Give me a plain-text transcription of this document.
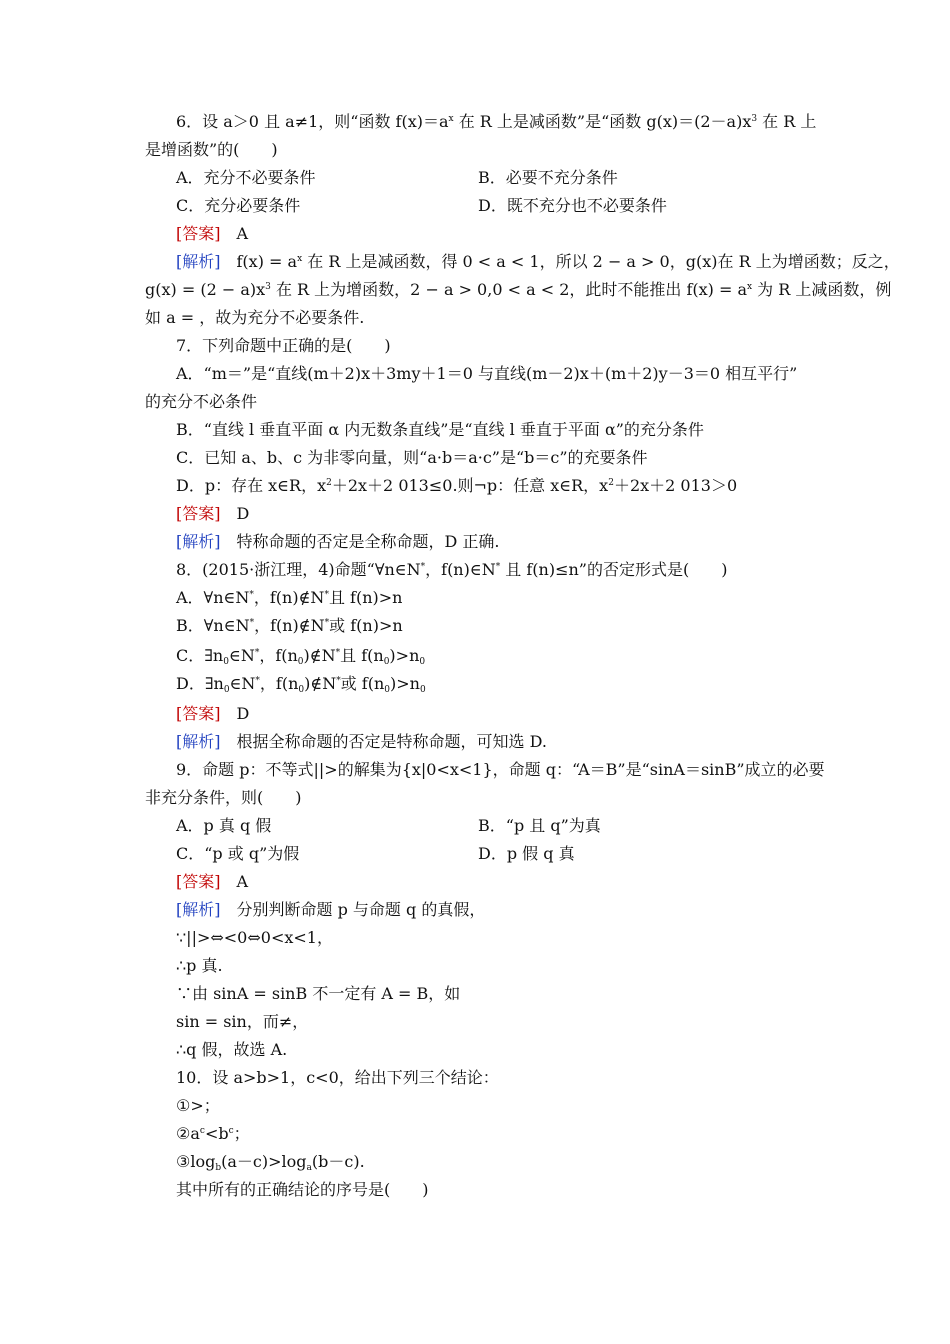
6．设 a＞0 且 a≠1，则“函数 $f(x)=a^x$ 在 R 上是减函数”是“函数 $g(x)=(2-a)x^3$ 在 R 上
是增函数”的(　　)
A．充分不必要条件	B．必要不充分条件
C．充分必要条件	D．既不充分也不必要条件
[答案]　A
[解析]　$f(x) = a^x$ 在 R 上是减函数，得 0 < a < 1，所以 2 − a > 0，g(x)在 R 上为增函数；反之，
$g(x) = (2 - a)x^3$ 在 R 上为增函数，2 − a > 0,0 < a < 2，此时不能推出 $f(x) = a^x$ 为 R 上减函数，例
如 a = ，故为充分不必要条件.
7．下列命题中正确的是(　　)
A．“m＝”是“直线(m＋2)x＋3my＋1＝0 与直线(m－2)x＋(m＋2)y－3＝0 相互平行”
的充分不必条件
B．“直线 l 垂直平面 α 内无数条直线”是“直线 l 垂直于平面 α”的充分条件
C．已知 a、b、c 为非零向量，则“a·b＝a·c”是“b＝c”的充要条件
D．p：存在 x∈R，$x^2+2x+2$ 013≤0.则¬p：任意 x∈R，$x^2+2x+2$ 013＞0
[答案]　D
[解析]　特称命题的否定是全称命题，D 正确.
8．(2015·浙江理，4)命题“∀n∈N*，f(n)∈N* 且 f(n)≤n”的否定形式是(　　)
A．∀n∈N*，f(n)∉N*且 f(n)>n
B．∀n∈N*，f(n)∉N*或 f(n)>n
C．$\exists n_0\in N^*$，$f(n_0)\notin N^*$且 $f(n_0)>n_0$
D．$\exists n_0\in N^*$，$f(n_0)\notin N^*$或 $f(n_0)>n_0$
[答案]　D
[解析]　根据全称命题的否定是特称命题，可知选 D.
9．命题 p：不等式||>的解集为{x|0<x<1}，命题 q：“A＝B”是“sinA＝sinB”成立的必要
非充分条件，则(　　)
A．p 真 q 假	B．“p 且 q”为真
C．“p 或 q”为假	D．p 假 q 真
[答案]　A
[解析]　分别判断命题 p 与命题 q 的真假，
∵||>⇔<0⇔0<x<1，
∴p 真.
∵由 sinA = sinB 不一定有 A = B，如
sin = sin，而≠，
∴q 假，故选 A.
10．设 a>b>1，c<0，给出下列三个结论：
①>；
$②a^c<b^c$；
$③\log_b(a-c)>\log_a(b-c)$.
其中所有的正确结论的序号是(　　)
